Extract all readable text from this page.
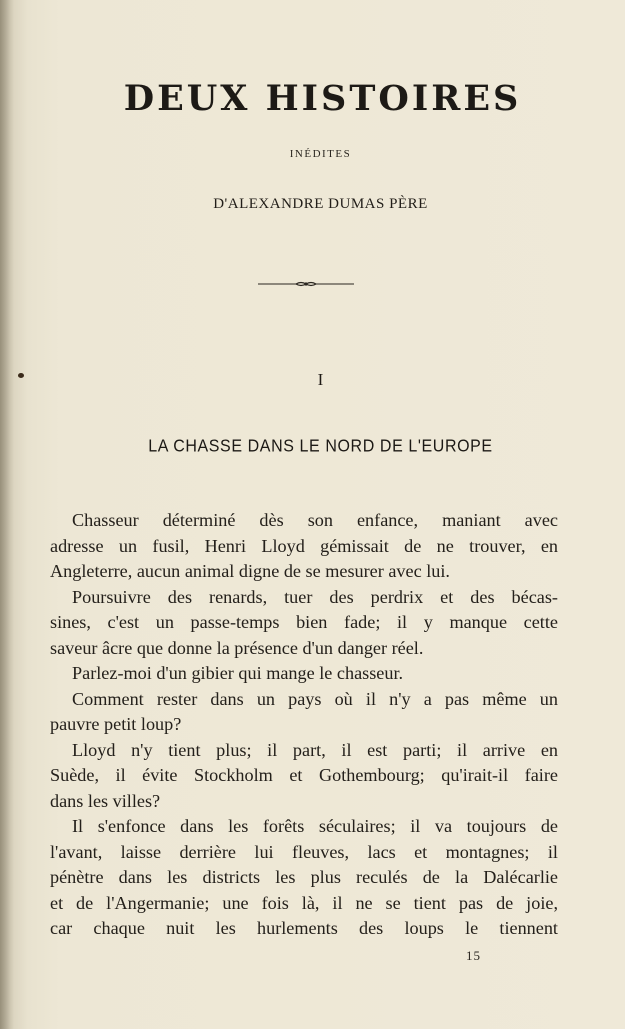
DEUX HISTOIRES
INÉDITES
D'ALEXANDRE DUMAS PÈRE
I
LA CHASSE DANS LE NORD DE L'EUROPE
Chasseur déterminé dès son enfance, maniant avec
adresse un fusil, Henri Lloyd gémissait de ne trouver, en
Angleterre, aucun animal digne de se mesurer avec lui.
Poursuivre des renards, tuer des perdrix et des bécas-
sines, c'est un passe-temps bien fade; il y manque cette
saveur âcre que donne la présence d'un danger réel.
Parlez-moi d'un gibier qui mange le chasseur.
Comment rester dans un pays où il n'y a pas même un
pauvre petit loup?
Lloyd n'y tient plus; il part, il est parti; il arrive en
Suède, il évite Stockholm et Gothembourg; qu'irait-il faire
dans les villes?
Il s'enfonce dans les forêts séculaires; il va toujours de
l'avant, laisse derrière lui fleuves, lacs et montagnes; il
pénètre dans les districts les plus reculés de la Dalécarlie
et de l'Angermanie; une fois là, il ne se tient pas de joie,
car chaque nuit les hurlements des loups le tiennent
15
